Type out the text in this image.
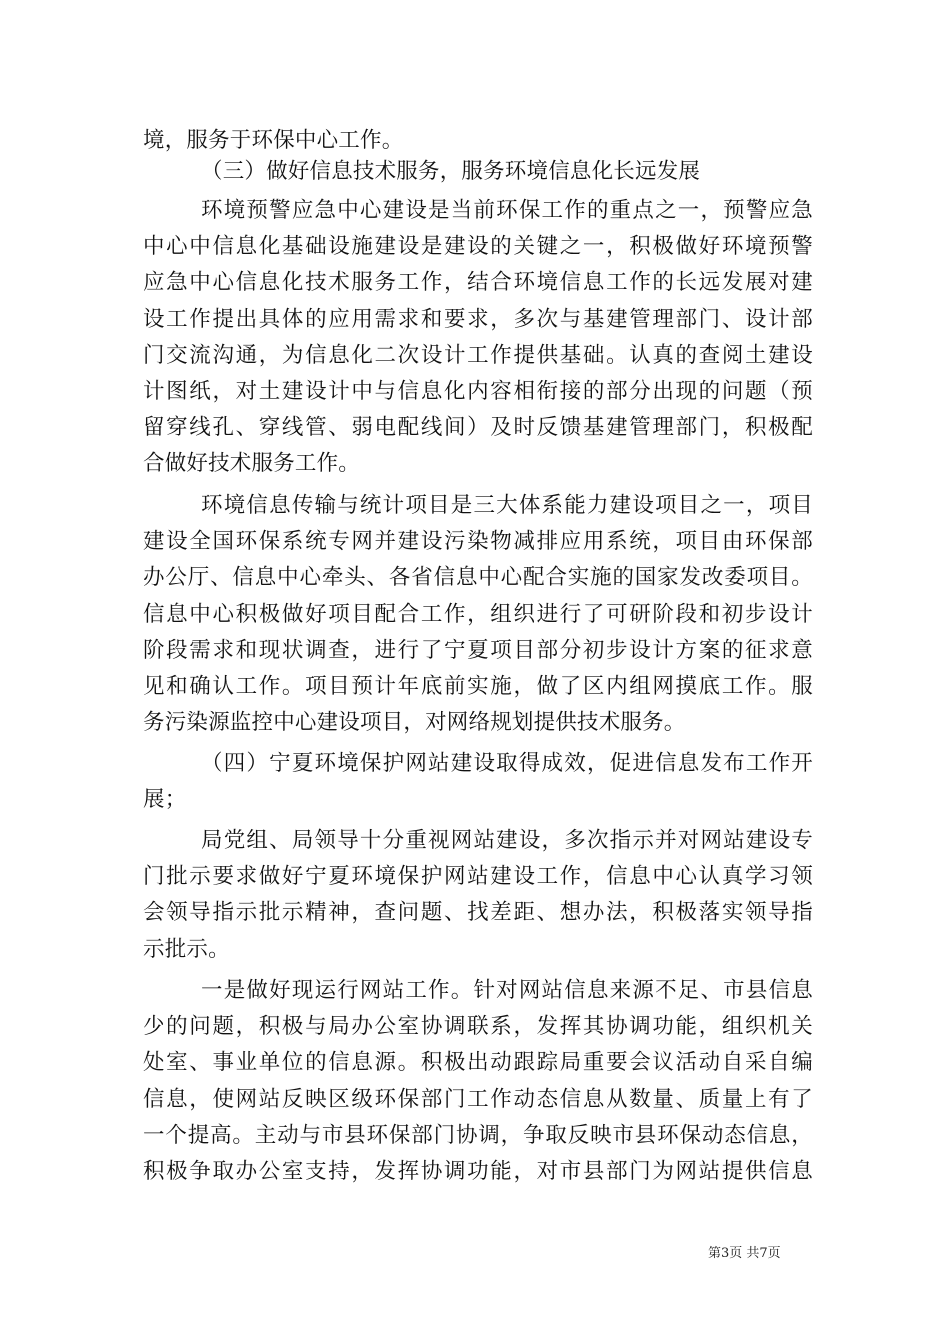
境，服务于环保中心工作。
（三）做好信息技术服务，服务环境信息化长远发展
环境预警应急中心建设是当前环保工作的重点之一，预警应急
中心中信息化基础设施建设是建设的关键之一，积极做好环境预警
应急中心信息化技术服务工作，结合环境信息工作的长远发展对建
设工作提出具体的应用需求和要求，多次与基建管理部门、设计部
门交流沟通，为信息化二次设计工作提供基础。认真的查阅土建设
计图纸，对土建设计中与信息化内容相衔接的部分出现的问题（预
留穿线孔、穿线管、弱电配线间）及时反馈基建管理部门，积极配
合做好技术服务工作。
环境信息传输与统计项目是三大体系能力建设项目之一，项目
建设全国环保系统专网并建设污染物减排应用系统，项目由环保部
办公厅、信息中心牵头、各省信息中心配合实施的国家发改委项目。
信息中心积极做好项目配合工作，组织进行了可研阶段和初步设计
阶段需求和现状调查，进行了宁夏项目部分初步设计方案的征求意
见和确认工作。项目预计年底前实施，做了区内组网摸底工作。服
务污染源监控中心建设项目，对网络规划提供技术服务。
（四）宁夏环境保护网站建设取得成效，促进信息发布工作开
展；
局党组、局领导十分重视网站建设，多次指示并对网站建设专
门批示要求做好宁夏环境保护网站建设工作，信息中心认真学习领
会领导指示批示精神，查问题、找差距、想办法，积极落实领导指
示批示。
一是做好现运行网站工作。针对网站信息来源不足、市县信息
少的问题，积极与局办公室协调联系，发挥其协调功能，组织机关
处室、事业单位的信息源。积极出动跟踪局重要会议活动自采自编
信息，使网站反映区级环保部门工作动态信息从数量、质量上有了
一个提高。主动与市县环保部门协调，争取反映市县环保动态信息，
积极争取办公室支持，发挥协调功能，对市县部门为网站提供信息
第3页 共7页
